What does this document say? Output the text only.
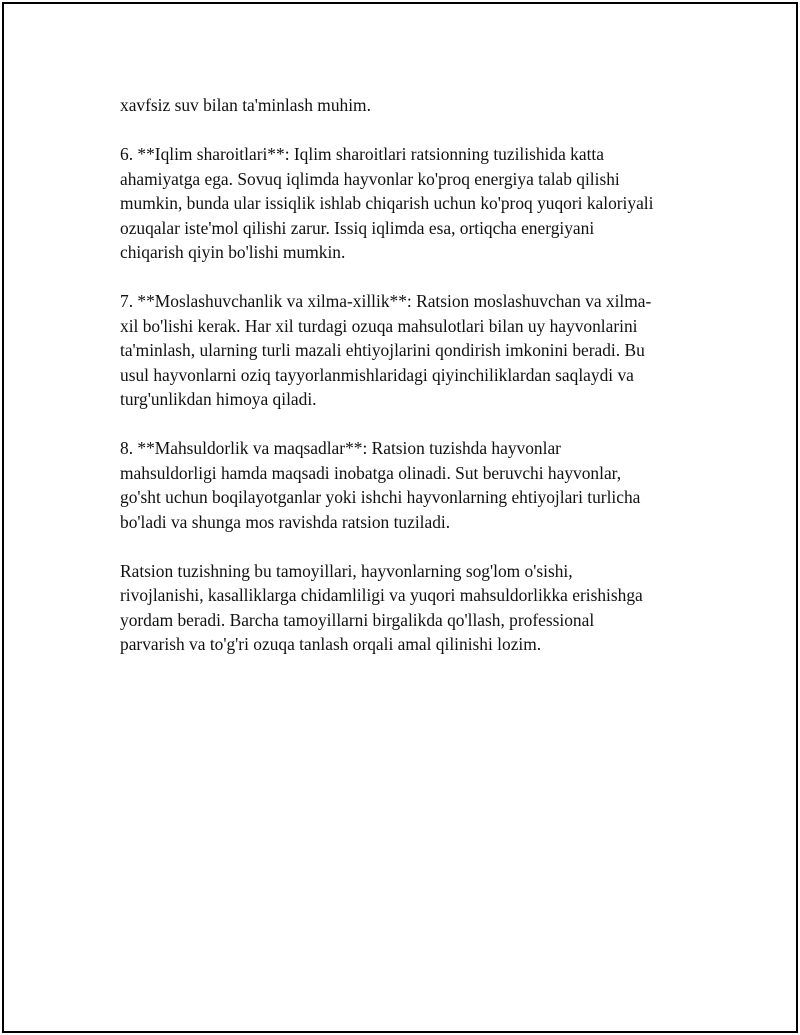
xavfsiz suv bilan ta'minlash muhim.

6. **Iqlim sharoitlari**: Iqlim sharoitlari ratsionning tuzilishida katta
ahamiyatga ega. Sovuq iqlimda hayvonlar ko'proq energiya talab qilishi
mumkin, bunda ular issiqlik ishlab chiqarish uchun ko'proq yuqori kaloriyali
ozuqalar iste'mol qilishi zarur. Issiq iqlimda esa, ortiqcha energiyani
chiqarish qiyin bo'lishi mumkin.

7. **Moslashuvchanlik va xilma-xillik**: Ratsion moslashuvchan va xilma-
xil bo'lishi kerak. Har xil turdagi ozuqa mahsulotlari bilan uy hayvonlarini
ta'minlash, ularning turli mazali ehtiyojlarini qondirish imkonini beradi. Bu
usul hayvonlarni oziq tayyorlanmishlaridagi qiyinchiliklardan saqlaydi va
turg'unlikdan himoya qiladi.

8. **Mahsuldorlik va maqsadlar**: Ratsion tuzishda hayvonlar
mahsuldorligi hamda maqsadi inobatga olinadi. Sut beruvchi hayvonlar,
go'sht uchun boqilayotganlar yoki ishchi hayvonlarning ehtiyojlari turlicha
bo'ladi va shunga mos ravishda ratsion tuziladi.

Ratsion tuzishning bu tamoyillari, hayvonlarning sog'lom o'sishi,
rivojlanishi, kasalliklarga chidamliligi va yuqori mahsuldorlikka erishishga
yordam beradi. Barcha tamoyillarni birgalikda qo'llash, professional
parvarish va to'g'ri ozuqa tanlash orqali amal qilinishi lozim.
